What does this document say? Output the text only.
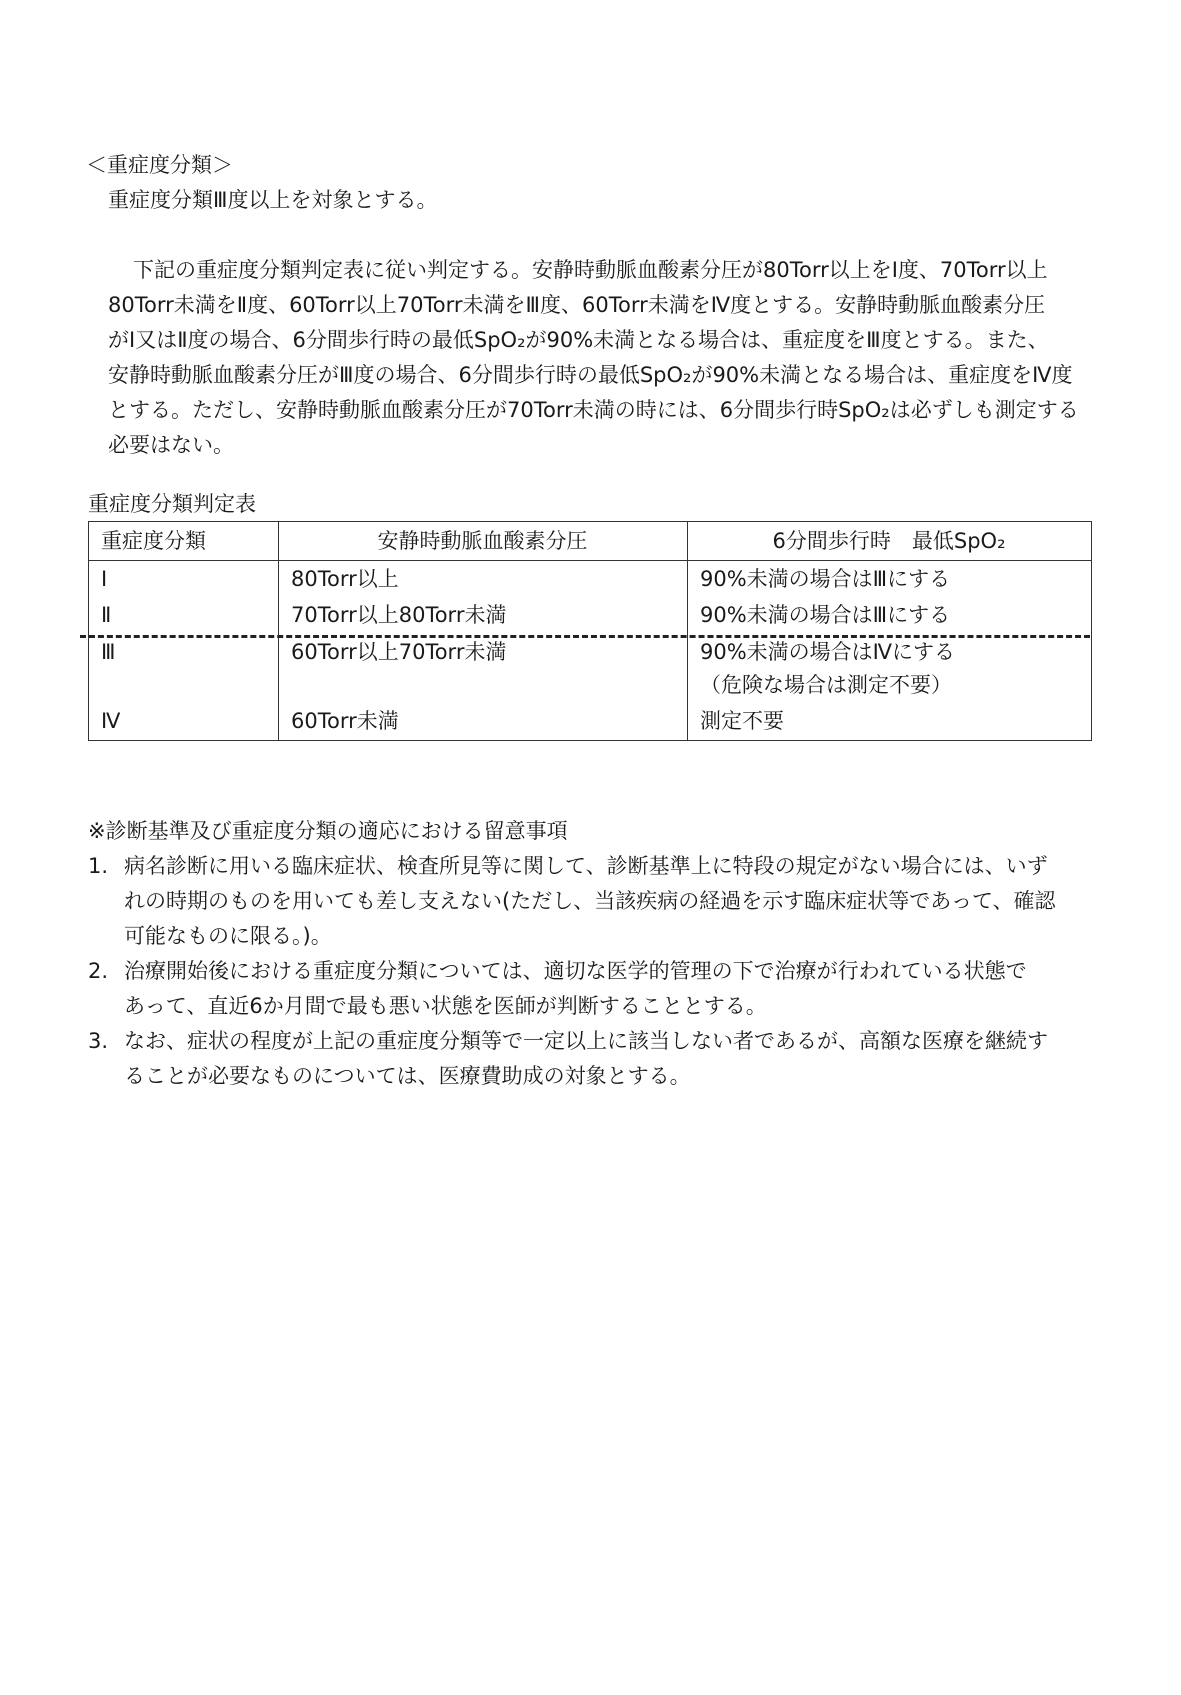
＜重症度分類＞
重症度分類Ⅲ度以上を対象とする。
下記の重症度分類判定表に従い判定する。安静時動脈血酸素分圧が80Torr以上をⅠ度、70Torr以上
80Torr未満をⅡ度、60Torr以上70Torr未満をⅢ度、60Torr未満をⅣ度とする。安静時動脈血酸素分圧
がⅠ又はⅡ度の場合、6分間歩行時の最低SpO₂が90%未満となる場合は、重症度をⅢ度とする。また、
安静時動脈血酸素分圧がⅢ度の場合、6分間歩行時の最低SpO₂が90%未満となる場合は、重症度をⅣ度
とする。ただし、安静時動脈血酸素分圧が70Torr未満の時には、6分間歩行時SpO₂は必ずしも測定する
必要はない。
重症度分類判定表
重症度分類	安静時動脈血酸素分圧	6分間歩行時　最低SpO₂
Ⅰ	80Torr以上	90%未満の場合はⅢにする
Ⅱ	70Torr以上80Torr未満	90%未満の場合はⅢにする
Ⅲ	60Torr以上70Torr未満	90%未満の場合はⅣにする
（危険な場合は測定不要）
Ⅳ	60Torr未満	測定不要
※診断基準及び重症度分類の適応における留意事項
1. 病名診断に用いる臨床症状、検査所見等に関して、診断基準上に特段の規定がない場合には、いず
れの時期のものを用いても差し支えない(ただし、当該疾病の経過を示す臨床症状等であって、確認
可能なものに限る。)。
2. 治療開始後における重症度分類については、適切な医学的管理の下で治療が行われている状態で
あって、直近6か月間で最も悪い状態を医師が判断することとする。
3. なお、症状の程度が上記の重症度分類等で一定以上に該当しない者であるが、高額な医療を継続す
ることが必要なものについては、医療費助成の対象とする。
